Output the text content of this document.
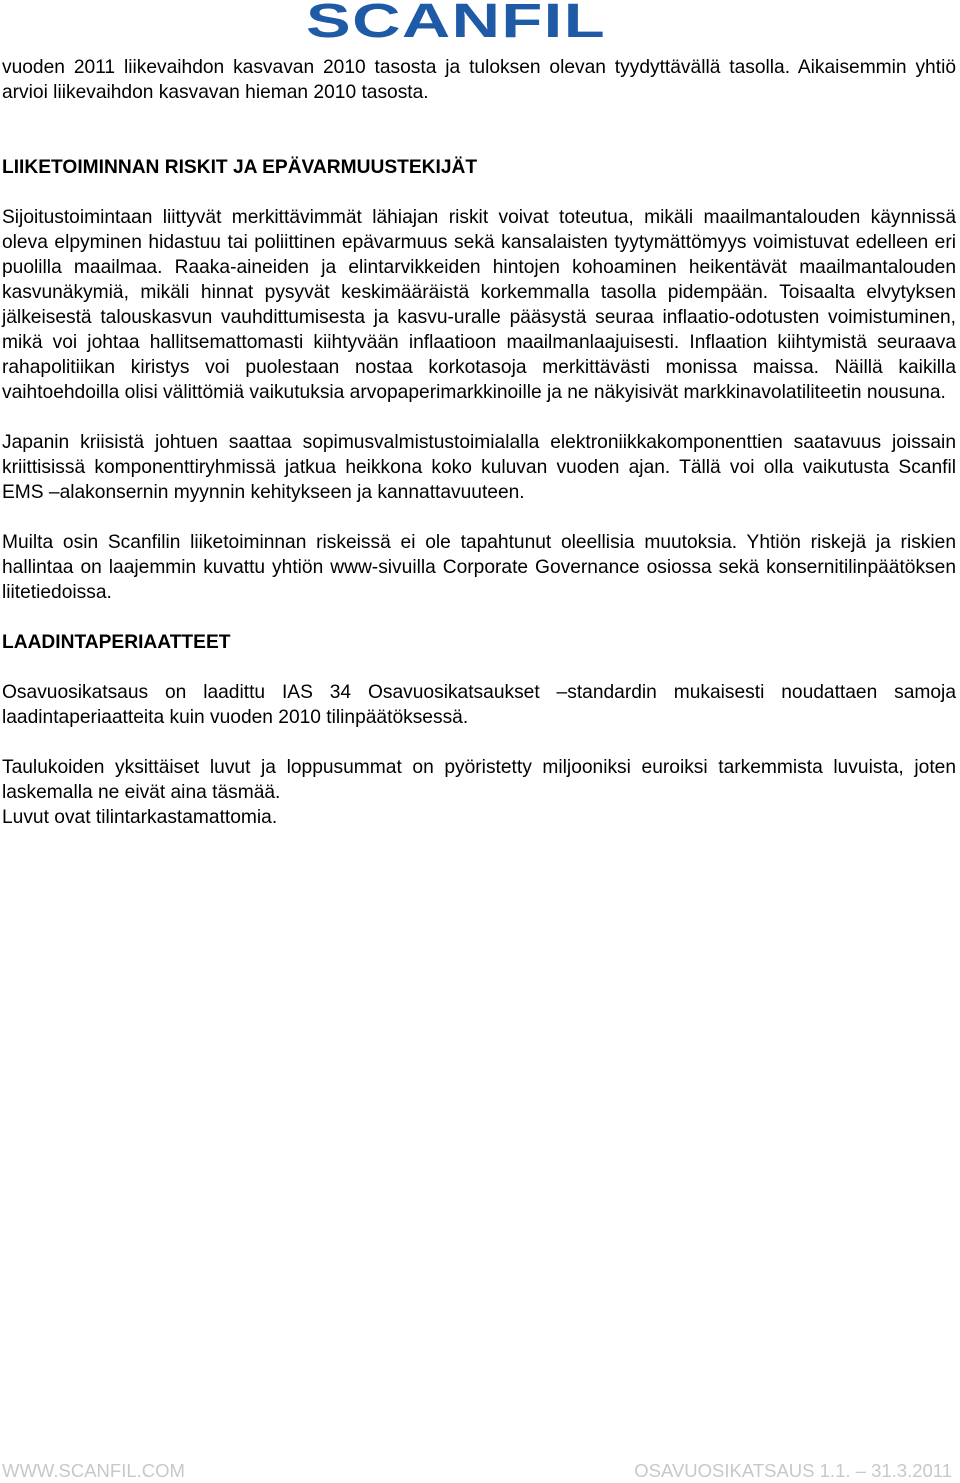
SCANFIL

vuoden 2011 liikevaihdon kasvavan 2010 tasosta ja tuloksen olevan tyydyttävällä tasolla. Aikaisemmin yhtiö arvioi liikevaihdon kasvavan hieman 2010 tasosta.

LIIKETOIMINNAN RISKIT JA EPÄVARMUUSTEKIJÄT

Sijoitustoimintaan liittyvät merkittävimmät lähiajan riskit voivat toteutua, mikäli maailmantalouden käynnissä oleva elpyminen hidastuu tai poliittinen epävarmuus sekä kansalaisten tyytymättömyys voimistuvat edelleen eri puolilla maailmaa. Raaka-aineiden ja elintarvikkeiden hintojen kohoaminen heikentävät maailmantalouden kasvunäkymiä, mikäli hinnat pysyvät keskimääräistä korkemmalla tasolla pidempään. Toisaalta elvytyksen jälkeisestä talouskasvun vauhdittumisesta ja kasvu-uralle pääsystä seuraa inflaatio-odotusten voimistuminen, mikä voi johtaa hallitsemattomasti kiihtyvään inflaatioon maailmanlaajuisesti. Inflaation kiihtymistä seuraava rahapolitiikan kiristys voi puolestaan nostaa korkotasoja merkittävästi monissa maissa. Näillä kaikilla vaihtoehdoilla olisi välittömiä vaikutuksia arvopaperimarkkinoille ja ne näkyisivät markkinavolatiliteetin nousuna.

Japanin kriisistä johtuen saattaa sopimusvalmistustoimialalla elektroniikkakomponenttien saatavuus joissain kriittisissä komponenttiryhmissä jatkua heikkona koko kuluvan vuoden ajan. Tällä voi olla vaikutusta Scanfil EMS –alakonsernin myynnin kehitykseen ja kannattavuuteen.

Muilta osin Scanfilin liiketoiminnan riskeissä ei ole tapahtunut oleellisia muutoksia. Yhtiön riskejä ja riskien hallintaa on laajemmin kuvattu yhtiön www-sivuilla Corporate Governance osiossa sekä konsernitilinpäätöksen liitetiedoissa.

LAADINTAPERIAATTEET

Osavuosikatsaus on laadittu IAS 34 Osavuosikatsaukset –standardin mukaisesti noudattaen samoja laadintaperiaatteita kuin vuoden 2010 tilinpäätöksessä.

Taulukoiden yksittäiset luvut ja loppusummat on pyöristetty miljooniksi euroiksi tarkemmista luvuista, joten laskemalla ne eivät aina täsmää.

Luvut ovat tilintarkastamattomia.

WWW.SCANFIL.COM	OSAVUOSIKATSAUS 1.1. – 31.3.2011
